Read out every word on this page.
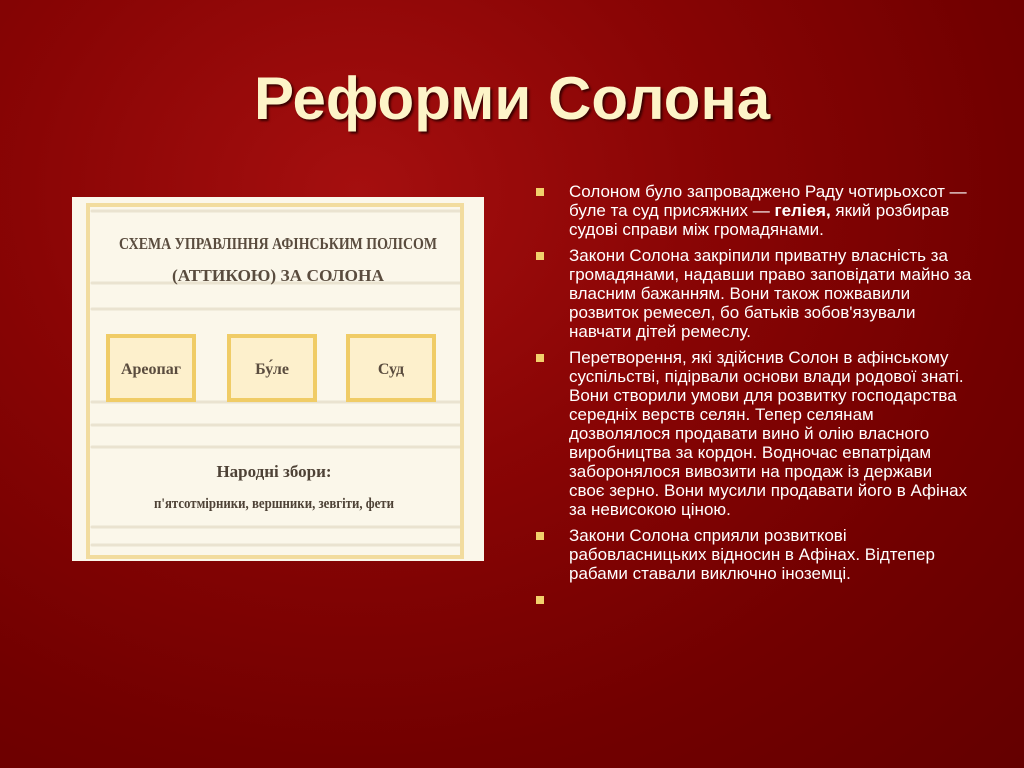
Реформи Солона
СХЕМА УПРАВЛІННЯ АФІНСЬКИМ ПОЛІСОМ
(АТТИКОЮ) ЗА СОЛОНА
Ареопаг	Бу́ле	Суд
Народні збори:
п'ятсотмірники, вершники, зевгіти, фети
Солоном було запроваджено Раду чотирьохсот — буле та суд присяжних — геліея, який розбирав судові справи між громадянами.
Закони Солона закріпили приватну власність за громадянами, надавши право заповідати майно за власним бажанням. Вони також пожвавили розвиток ремесел, бо батьків зобов'язували навчати дітей ремеслу.
Перетворення, які здійснив Солон в афінському суспільстві, підірвали основи влади родової знаті. Вони створили умови для розвитку господарства середніх верств селян. Тепер селянам дозволялося продавати вино й олію власного виробництва за кордон. Водночас евпатрідам заборонялося вивозити на продаж із держави своє зерно. Вони мусили продавати його в Афінах за невисокою ціною.
Закони Солона сприяли розвиткові рабовласницьких відносин в Афінах. Відтепер рабами ставали виключно іноземці.
